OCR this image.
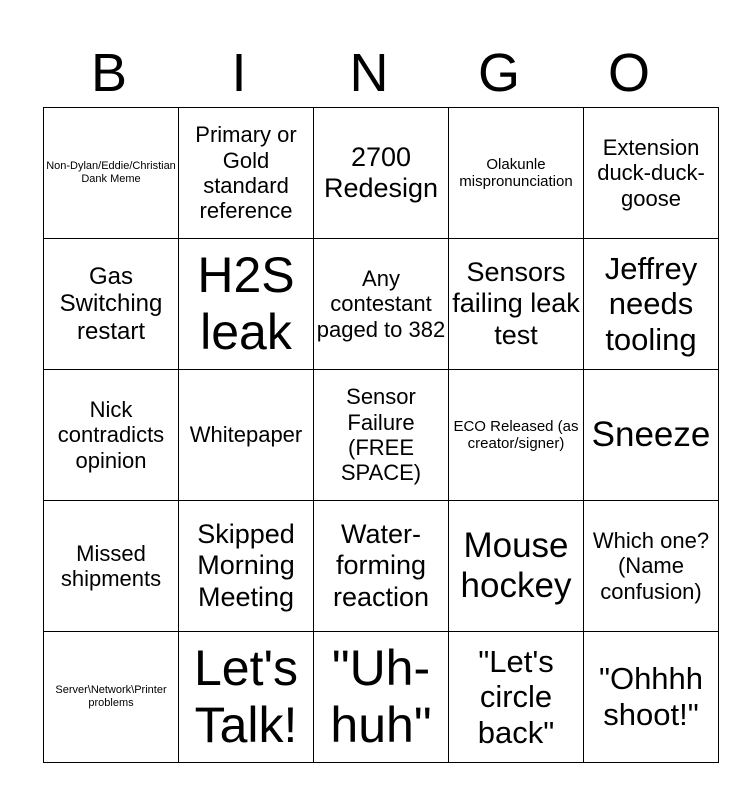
B	I	N	G	O
Non-Dylan/Eddie/Christian Dank Meme	Primary or Gold standard reference	2700 Redesign	Olakunle mispronunciation	Extension duck-duck-goose
Gas Switching restart	H2S leak	Any contestant paged to 382	Sensors failing leak test	Jeffrey needs tooling
Nick contradicts opinion	Whitepaper	Sensor Failure (FREE SPACE)	ECO Released (as creator/signer)	Sneeze
Missed shipments	Skipped Morning Meeting	Water-forming reaction	Mouse hockey	Which one? (Name confusion)
Server\Network\Printer problems	Let's Talk!	"Uh-huh"	"Let's circle back"	"Ohhhh shoot!"
